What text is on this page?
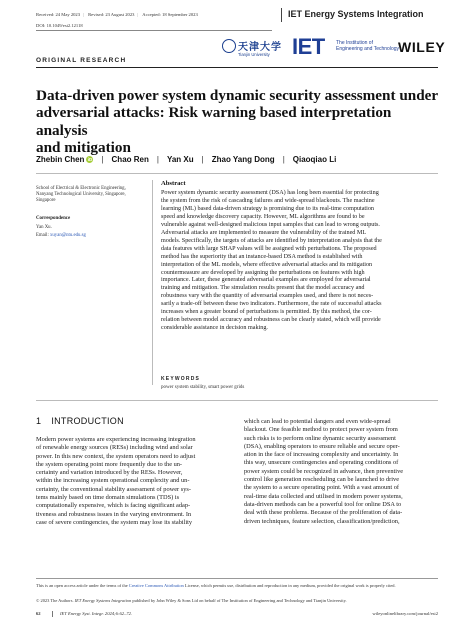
Received: 24 May 2023 | Revised: 23 August 2023 | Accepted: 18 September 2023
DOI: 10.1049/esi2.12118
IET Energy Systems Integration
天津大学
Tianjin University IET The Institution of Engineering and Technology
WILEY
ORIGINAL RESEARCH
Data-driven power system dynamic security assessment under
adversarial attacks: Risk warning based interpretation analysis
and mitigation
Zhebin Chen iD | Chao Ren | Yan Xu | Zhao Yang Dong | Qiaoqiao Li
School of Electrical & Electronic Engineering,
Nanyang Technological University, Singapore,
Singapore
Correspondence
Yan Xu.
Email: xuyan@ntu.edu.sg
Abstract
Power system dynamic security assessment (DSA) has long been essential for protecting
the system from the risk of cascading failures and wide-spread blackouts. The machine
learning (ML) based data-driven strategy is promising due to its real-time computation
speed and knowledge discovery capacity. However, ML algorithms are found to be
vulnerable against well-designed malicious input samples that can lead to wrong outputs.
Adversarial attacks are implemented to measure the vulnerability of the trained ML
models. Specifically, the targets of attacks are identified by interpretation analysis that the
data features with large SHAP values will be assigned with perturbations. The proposed
method has the superiority that an instance-based DSA method is established with
interpretation of the ML models, where effective adversarial attacks and its mitigation
countermeasure are developed by assigning the perturbations on features with high
importance. Later, these generated adversarial examples are employed for adversarial
training and mitigation. The simulation results present that the model accuracy and
robustness vary with the quantity of adversarial examples used, and there is not neces-
sarily a trade-off between these two indicators. Furthermore, the rate of successful attacks
increases when a greater bound of perturbations is permitted. By this method, the cor-
relation between model accuracy and robustness can be clearly stated, which will provide
considerable assistance in decision making.
KEYWORDS
power system stability, smart power grids
1 INTRODUCTION
Modern power systems are experiencing increasing integration
of renewable energy sources (RESs) including wind and solar
power. In this new context, the system operators need to adjust
the system operating point more frequently due to the un-
certainty and variation introduced by the RESs. However,
within the increasing system operational complexity and un-
certainty, the conventional stability assessment of power sys-
tems mainly based on time domain simulations (TDS) is
computationally expensive, which is facing significant adap-
tiveness and robustness issues in the varying environment. In
case of severe contingencies, the system may lose its stability
which can lead to potential dangers and even wide-spread
blackout. One feasible method to protect power system from
such risks is to perform online dynamic security assessment
(DSA), enabling operators to ensure reliable and secure oper-
ation in the face of increasing complexity and uncertainty. In
this way, unsecure contingencies and operating conditions of
power system could be recognized in advance, then preventive
control like generation rescheduling can be launched to drive
the system to a secure operating point. With a vast amount of
real-time data collected and utilised in modern power systems,
data-driven methods can be a powerful tool for online DSA to
deal with these problems. Because of the proliferation of data-
driven techniques, feature selection, classification/prediction,
This is an open access article under the terms of the Creative Commons Attribution License, which permits use, distribution and reproduction in any medium, provided the original work is properly cited.
© 2023 The Authors. IET Energy Systems Integration published by John Wiley & Sons Ltd on behalf of The Institution of Engineering and Technology and Tianjin University.
62	IET Energy Syst. Integr. 2024;6:62–72.	wileyonlinelibrary.com/journal/esi2
